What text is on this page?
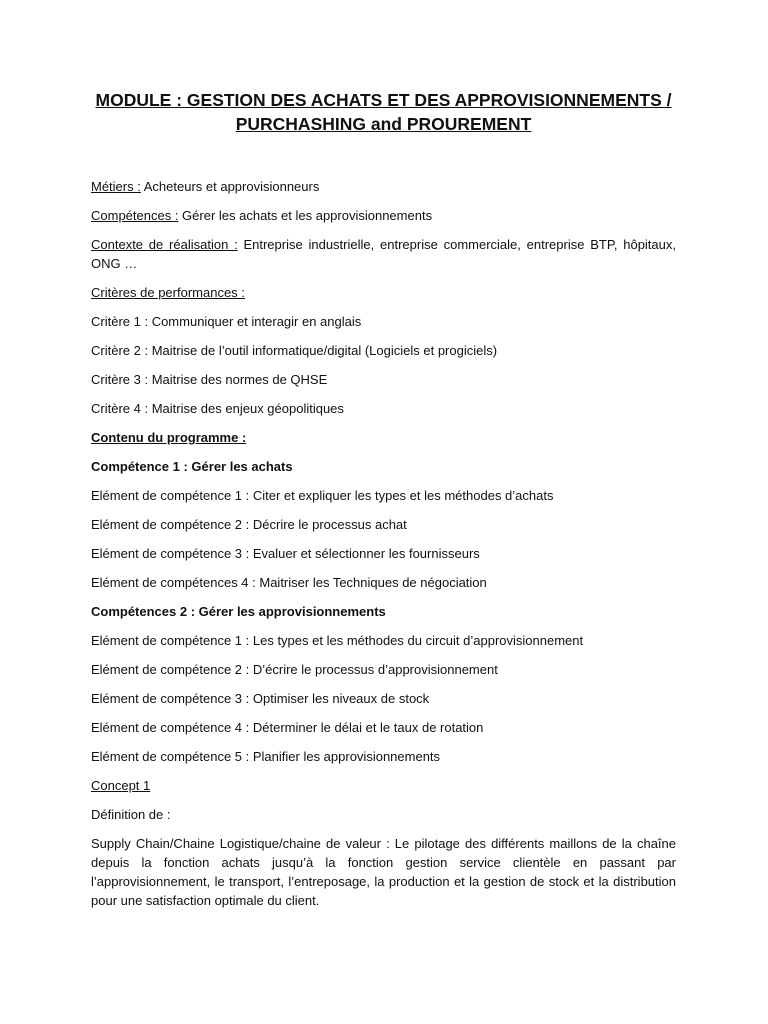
MODULE : GESTION DES ACHATS ET DES APPROVISIONNEMENTS /
PURCHASHING and PROUREMENT
Métiers : Acheteurs et approvisionneurs
Compétences : Gérer les achats et les approvisionnements
Contexte de réalisation : Entreprise industrielle, entreprise commerciale, entreprise BTP, hôpitaux, ONG …
Critères de performances :
Critère 1 : Communiquer et interagir en anglais
Critère 2 : Maitrise de l’outil informatique/digital (Logiciels et progiciels)
Critère 3 : Maitrise des normes de QHSE
Critère 4 : Maitrise des enjeux géopolitiques
Contenu du programme :
Compétence 1 : Gérer les achats
Elément de compétence 1 : Citer et expliquer les types et les méthodes d’achats
Elément de compétence 2 : Décrire le processus achat
Elément de compétence 3 : Evaluer et sélectionner les fournisseurs
Elément de compétences 4 : Maitriser les Techniques de négociation
Compétences 2 : Gérer les approvisionnements
Elément de compétence 1 : Les types et les méthodes du circuit d’approvisionnement
Elément de compétence 2 : D’écrire le processus d’approvisionnement
Elément de compétence 3 : Optimiser les niveaux de stock
Elément de compétence 4 : Déterminer le délai et le taux de rotation
Elément de compétence 5 : Planifier les approvisionnements
Concept 1
Définition de :
Supply Chain/Chaine Logistique/chaine de valeur : Le pilotage des différents maillons de la chaîne depuis la fonction achats jusqu’à la fonction gestion service clientèle en passant par l’approvisionnement, le transport, l’entreposage, la production et la gestion de stock et la distribution pour une satisfaction optimale du client.
